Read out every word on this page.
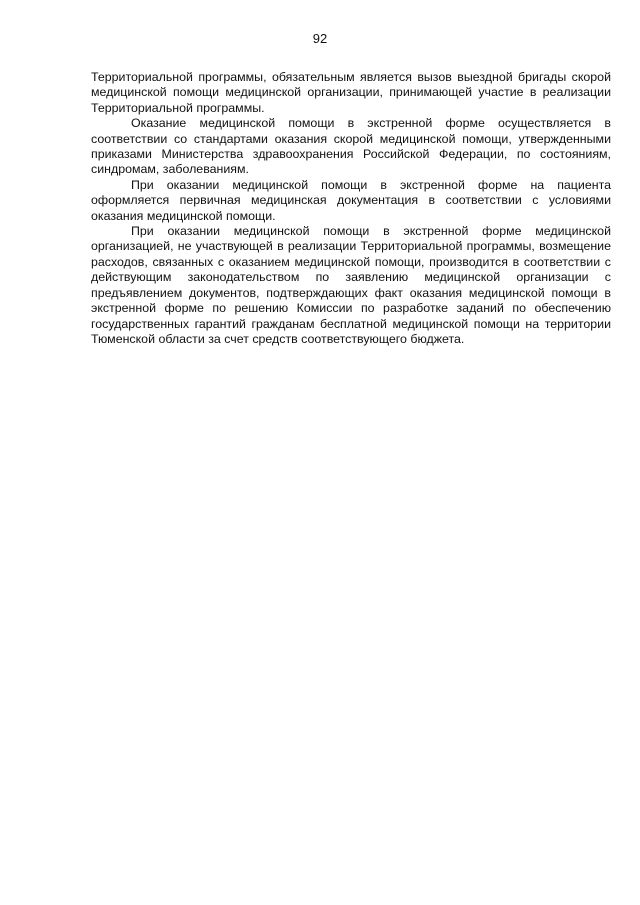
92

Территориальной программы, обязательным является вызов выездной бригады скорой медицинской помощи медицинской организации, принимающей участие в реализации Территориальной программы.

Оказание медицинской помощи в экстренной форме осуществляется в соответствии со стандартами оказания скорой медицинской помощи, утвержденными приказами Министерства здравоохранения Российской Федерации, по состояниям, синдромам, заболеваниям.

При оказании медицинской помощи в экстренной форме на пациента оформляется первичная медицинская документация в соответствии с условиями оказания медицинской помощи.

При оказании медицинской помощи в экстренной форме медицинской организацией, не участвующей в реализации Территориальной программы, возмещение расходов, связанных с оказанием медицинской помощи, производится в соответствии с действующим законодательством по заявлению медицинской организации с предъявлением документов, подтверждающих факт оказания медицинской помощи в экстренной форме по решению Комиссии по разработке заданий по обеспечению государственных гарантий гражданам бесплатной медицинской помощи на территории Тюменской области за счет средств соответствующего бюджета.
